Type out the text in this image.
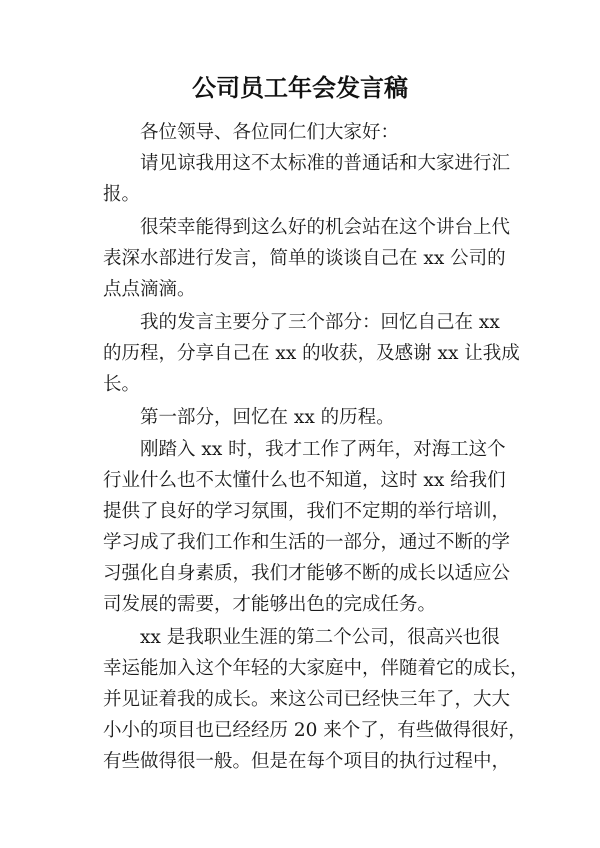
公司员工年会发言稿

各位领导、各位同仁们大家好：

请见谅我用这不太标准的普通话和大家进行汇

报。

很荣幸能得到这么好的机会站在这个讲台上代

表深水部进行发言，简单的谈谈自己在 xx 公司的

点点滴滴。

我的发言主要分了三个部分：回忆自己在 xx

的历程，分享自己在 xx 的收获，及感谢 xx 让我成

长。

第一部分，回忆在 xx 的历程。

刚踏入 xx 时，我才工作了两年，对海工这个

行业什么也不太懂什么也不知道，这时 xx 给我们

提供了良好的学习氛围，我们不定期的举行培训，

学习成了我们工作和生活的一部分，通过不断的学

习强化自身素质，我们才能够不断的成长以适应公

司发展的需要，才能够出色的完成任务。

xx 是我职业生涯的第二个公司，很高兴也很

幸运能加入这个年轻的大家庭中，伴随着它的成长，

并见证着我的成长。来这公司已经快三年了，大大

小小的项目也已经经历 20 来个了，有些做得很好，

有些做得很一般。但是在每个项目的执行过程中，
